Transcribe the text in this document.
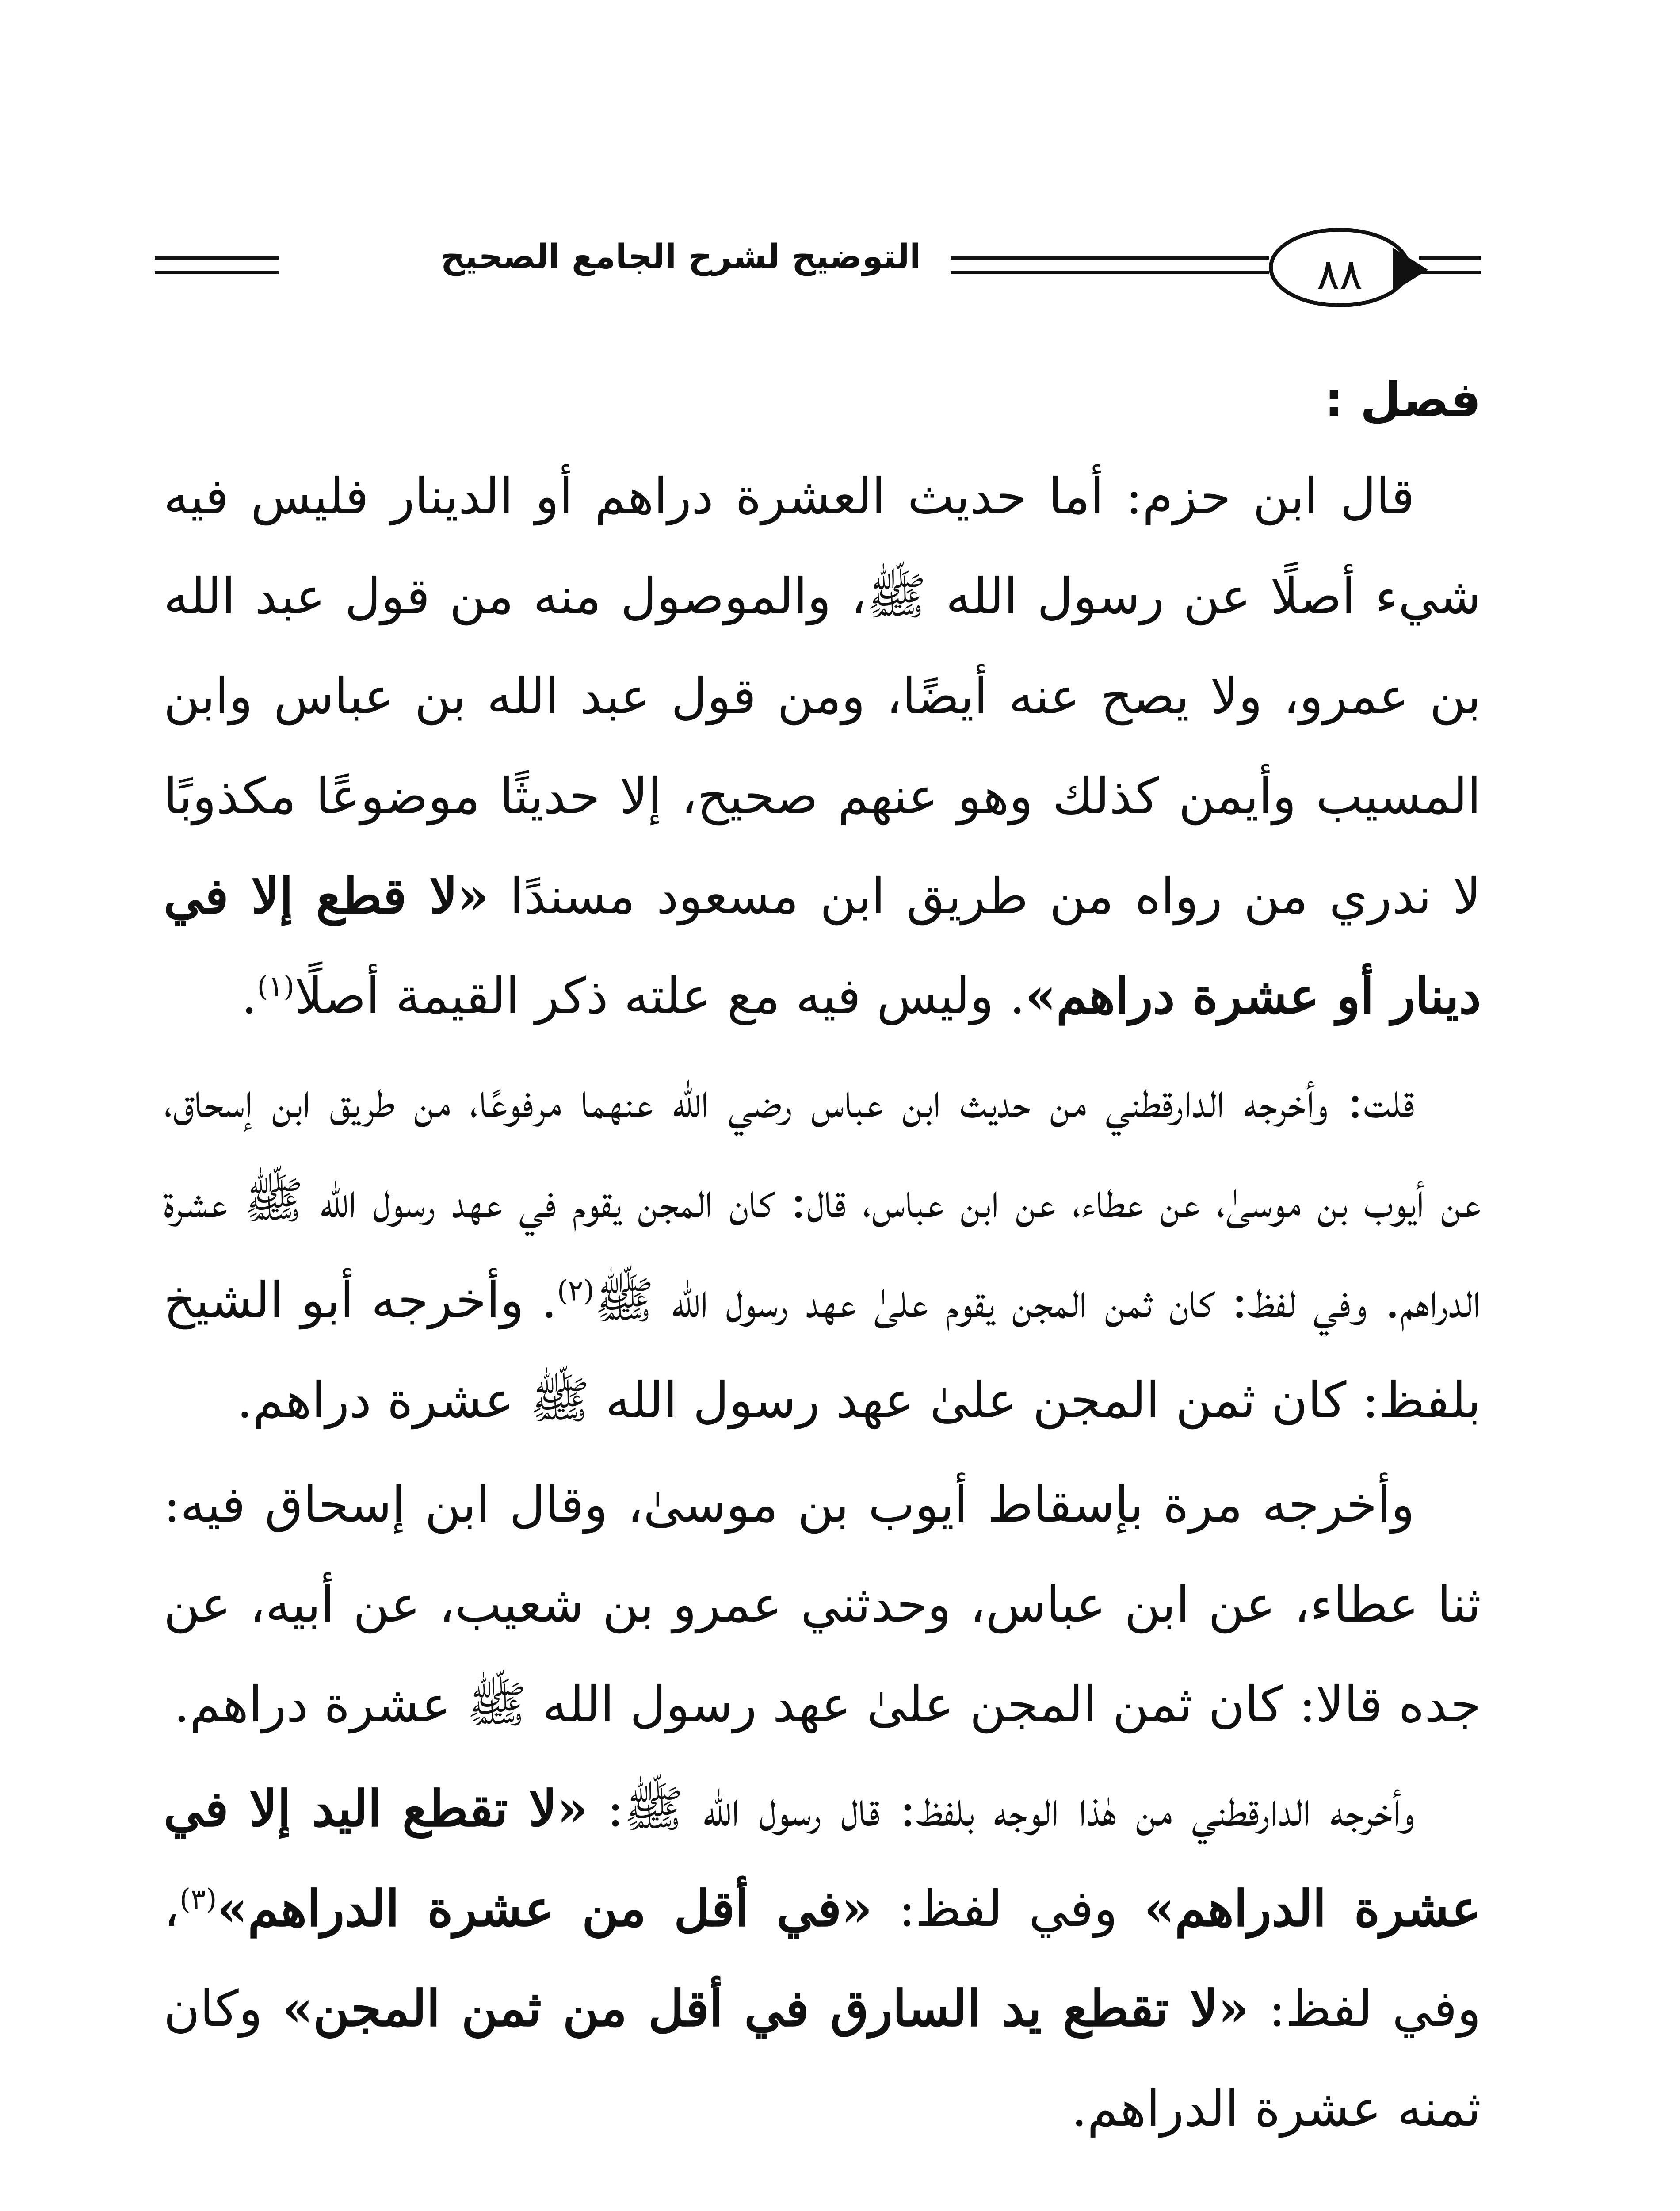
التوضيح لشرح الجامع الصحيح	٨٨
فصل :

قال ابن حزم: أما حديث العشرة دراهم أو الدينار فليس فيه شيء أصلًا عن رسول الله ﷺ، والموصول منه من قول عبد الله بن عمرو، ولا يصح عنه أيضًا، ومن قول عبد الله بن عباس وابن المسيب وأيمن كذلك وهو عنهم صحيح، إلا حديثًا موضوعًا مكذوبًا لا ندري من رواه من طريق ابن مسعود مسندًا «لا قطع إلا في دينار أو عشرة دراهم». وليس فيه مع علته ذكر القيمة أصلًا$^{(١)}$.

قلت: وأخرجه الدارقطني من حديث ابن عباس رضي الله عنهما مرفوعًا، من طريق ابن إسحاق، عن أيوب بن موسىٰ، عن عطاء، عن ابن عباس، قال: كان المجن يقوم في عهد رسول الله ﷺ عشرة الدراهم. وفي لفظ: كان ثمن المجن يقوم علىٰ عهد رسول الله ﷺ$^{(٢)}$. وأخرجه أبو الشيخ بلفظ: كان ثمن المجن علىٰ عهد رسول الله ﷺ عشرة دراهم.

وأخرجه مرة بإسقاط أيوب بن موسىٰ، وقال ابن إسحاق فيه: ثنا عطاء، عن ابن عباس، وحدثني عمرو بن شعيب، عن أبيه، عن جده قالا: كان ثمن المجن علىٰ عهد رسول الله ﷺ عشرة دراهم.

وأخرجه الدارقطني من هٰذا الوجه بلفظ: قال رسول الله ﷺ: «لا تقطع اليد إلا في عشرة الدراهم» وفي لفظ: «في أقل من عشرة الدراهم»$^{(٣)}$، وفي لفظ: «لا تقطع يد السارق في أقل من ثمن المجن» وكان ثمنه عشرة الدراهم.
